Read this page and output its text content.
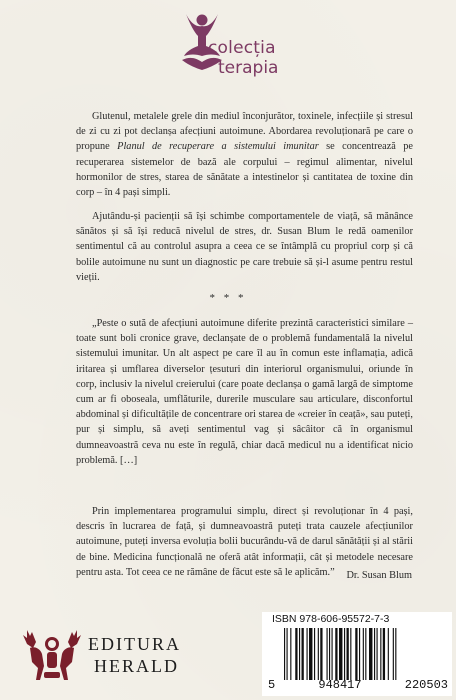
colecția
terapia
Glutenul, metalele grele din mediul înconjurător, toxinele, infecțiile și stresul de zi cu zi pot declanșa afecțiuni autoimune. Abordarea revoluționară pe care o propune Planul de recuperare a sistemului imunitar se concentrează pe recuperarea sistemelor de bază ale corpului – regimul alimentar, nivelul hormonilor de stres, starea de sănătate a intestinelor și cantitatea de toxine din corp – în 4 pași simpli.
Ajutându-și pacienții să își schimbe comportamentele de viață, să mănânce sănătos și să își reducă nivelul de stres, dr. Susan Blum le redă oamenilor sentimentul că au controlul asupra a ceea ce se întâmplă cu propriul corp și că bolile autoimune nu sunt un diagnostic pe care trebuie să și-l asume pentru restul vieții.
* * *
„Peste o sută de afecțiuni autoimune diferite prezintă caracteristici similare – toate sunt boli cronice grave, declanșate de o problemă fundamentală la nivelul sistemului imunitar. Un alt aspect pe care îl au în comun este inflamația, adică iritarea și umflarea diverselor țesuturi din interiorul organismului, oriunde în corp, inclusiv la nivelul creierului (care poate declanșa o gamă largă de simptome cum ar fi oboseala, umflăturile, durerile musculare sau articulare, disconfortul abdominal și dificultățile de concentrare ori starea de «creier în ceață», sau puteți, pur și simplu, să aveți sentimentul vag și sâcâitor că în organismul dumneavoastră ceva nu este în regulă, chiar dacă medicul nu a identificat nicio problemă. […]
Prin implementarea programului simplu, direct și revoluționar în 4 pași, descris în lucrarea de față, și dumneavoastră puteți trata cauzele afecțiunilor autoimune, puteți inversa evoluția bolii bucurându-vă de darul sănătății și al stării de bine. Medicina funcțională ne oferă atât informații, cât și metodele necesare pentru asta. Tot ceea ce ne rămâne de făcut este să le aplicăm.”	Dr. Susan Blum
EDITURA
HERALD
ISBN 978-606-95572-7-3
5	948417	220503
